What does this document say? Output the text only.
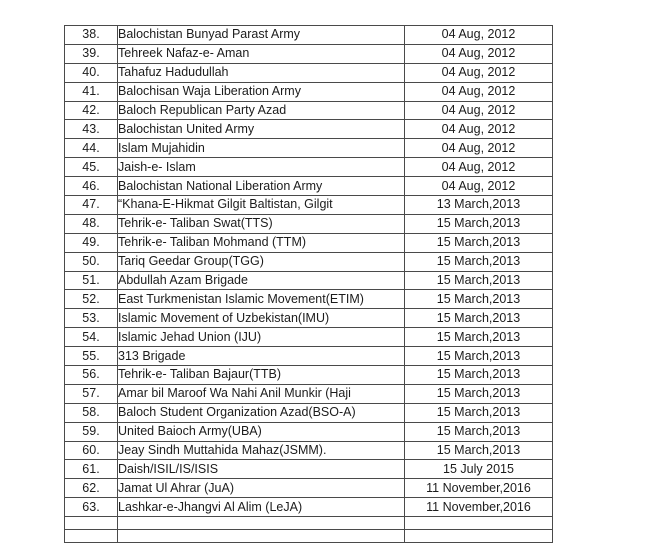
38.	Balochistan Bunyad Parast Army	04 Aug, 2012
39.	Tehreek Nafaz-e- Aman	04 Aug, 2012
40.	Tahafuz Hadudullah	04 Aug, 2012
41.	Balochisan Waja Liberation Army	04 Aug, 2012
42.	Baloch Republican Party Azad	04 Aug, 2012
43.	Balochistan United Army	04 Aug, 2012
44.	Islam Mujahidin	04 Aug, 2012
45.	Jaish-e- Islam	04 Aug, 2012
46.	Balochistan National Liberation Army	04 Aug, 2012
47.	“Khana-E-Hikmat Gilgit Baltistan, Gilgit	13 March,2013
48.	Tehrik-e- Taliban Swat(TTS)	15 March,2013
49.	Tehrik-e- Taliban Mohmand (TTM)	15 March,2013
50.	Tariq Geedar Group(TGG)	15 March,2013
51.	Abdullah Azam Brigade	15 March,2013
52.	East Turkmenistan Islamic Movement(ETIM)	15 March,2013
53.	Islamic Movement of Uzbekistan(IMU)	15 March,2013
54.	Islamic Jehad Union (IJU)	15 March,2013
55.	313 Brigade	15 March,2013
56.	Tehrik-e- Taliban Bajaur(TTB)	15 March,2013
57.	Amar bil Maroof Wa Nahi Anil Munkir (Haji	15 March,2013
58.	Baloch Student Organization Azad(BSO-A)	15 March,2013
59.	United Baioch Army(UBA)	15 March,2013
60.	Jeay Sindh Muttahida Mahaz(JSMM).	15 March,2013
61.	Daish/ISIL/IS/ISIS	15 July 2015
62.	Jamat Ul Ahrar (JuA)	11 November,2016
63.	Lashkar-e-Jhangvi Al Alim (LeJA)	11 November,2016
